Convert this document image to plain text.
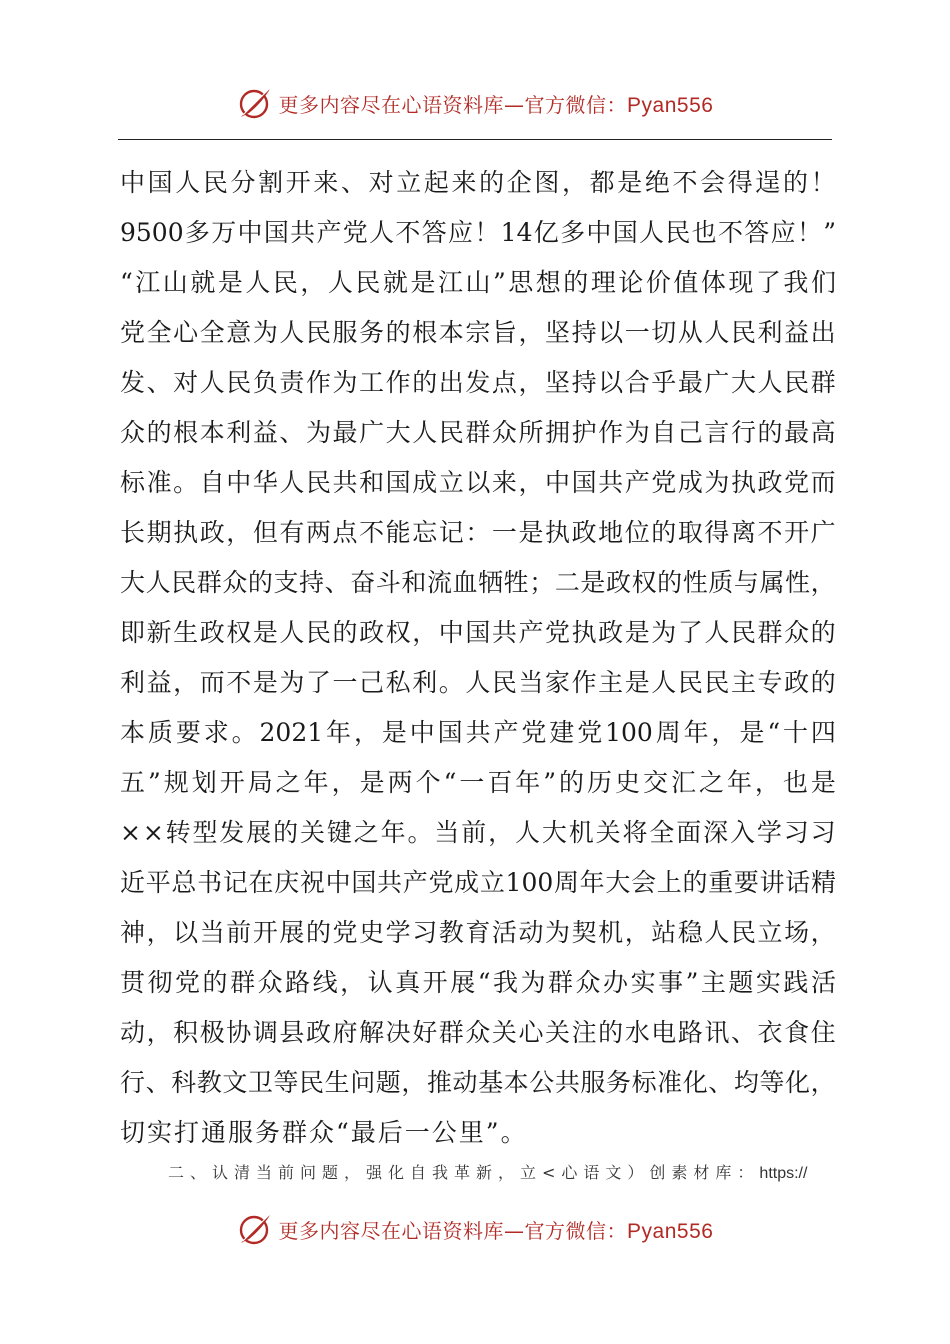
更多内容尽在心语资料库—官方微信：Pyan556
中 国 人 民 分 割 开 来 、 对 立 起 来 的 企 图 ， 都 是 绝 不 会 得 逞 的 ！
9500 多 万 中 国 共 产 党 人 不 答 应 ！ 14 亿 多 中 国 人 民 也 不 答 应 ！ ”
“ 江 山 就 是 人 民 ， 人 民 就 是 江 山 ” 思 想 的 理 论 价 值 体 现 了 我 们
党 全 心 全 意 为 人 民 服 务 的 根 本 宗 旨 ， 坚 持 以 一 切 从 人 民 利 益 出
发 、 对 人 民 负 责 作 为 工 作 的 出 发 点 ， 坚 持 以 合 乎 最 广 大 人 民 群
众 的 根 本 利 益 、 为 最 广 大 人 民 群 众 所 拥 护 作 为 自 己 言 行 的 最 高
标 准 。 自 中 华 人 民 共 和 国 成 立 以 来 ， 中 国 共 产 党 成 为 执 政 党 而
长 期 执 政 ， 但 有 两 点 不 能 忘 记 ： 一 是 执 政 地 位 的 取 得 离 不 开 广
大 人 民 群 众 的 支 持 、 奋 斗 和 流 血 牺 牲 ； 二 是 政 权 的 性 质 与 属 性 ，
即 新 生 政 权 是 人 民 的 政 权 ， 中 国 共 产 党 执 政 是 为 了 人 民 群 众 的
利 益 ， 而 不 是 为 了 一 己 私 利 。 人 民 当 家 作 主 是 人 民 民 主 专 政 的
本 质 要 求 。 2021 年 ， 是 中 国 共 产 党 建 党 100 周 年 ， 是 “ 十 四
五 ” 规 划 开 局 之 年 ， 是 两 个 “ 一 百 年 ” 的 历 史 交 汇 之 年 ， 也 是
× × 转 型 发 展 的 关 键 之 年 。 当 前 ， 人 大 机 关 将 全 面 深 入 学 习 习
近 平 总 书 记 在 庆 祝 中 国 共 产 党 成 立 100 周 年 大 会 上 的 重 要 讲 话 精
神 ， 以 当 前 开 展 的 党 史 学 习 教 育 活 动 为 契 机 ， 站 稳 人 民 立 场 ，
贯 彻 党 的 群 众 路 线 ， 认 真 开 展 “ 我 为 群 众 办 实 事 ” 主 题 实 践 活
动 ， 积 极 协 调 县 政 府 解 决 好 群 众 关 心 关 注 的 水 电 路 讯 、 衣 食 住
行 、 科 教 文 卫 等 民 生 问 题 ， 推 动 基 本 公 共 服 务 标 准 化 、 均 等 化 ，
切实打通服务群众“最后一公里”。
二、认清当前问题，强化自我革新，立<心语文）创素材库：https://
更多内容尽在心语资料库—官方微信：Pyan556
